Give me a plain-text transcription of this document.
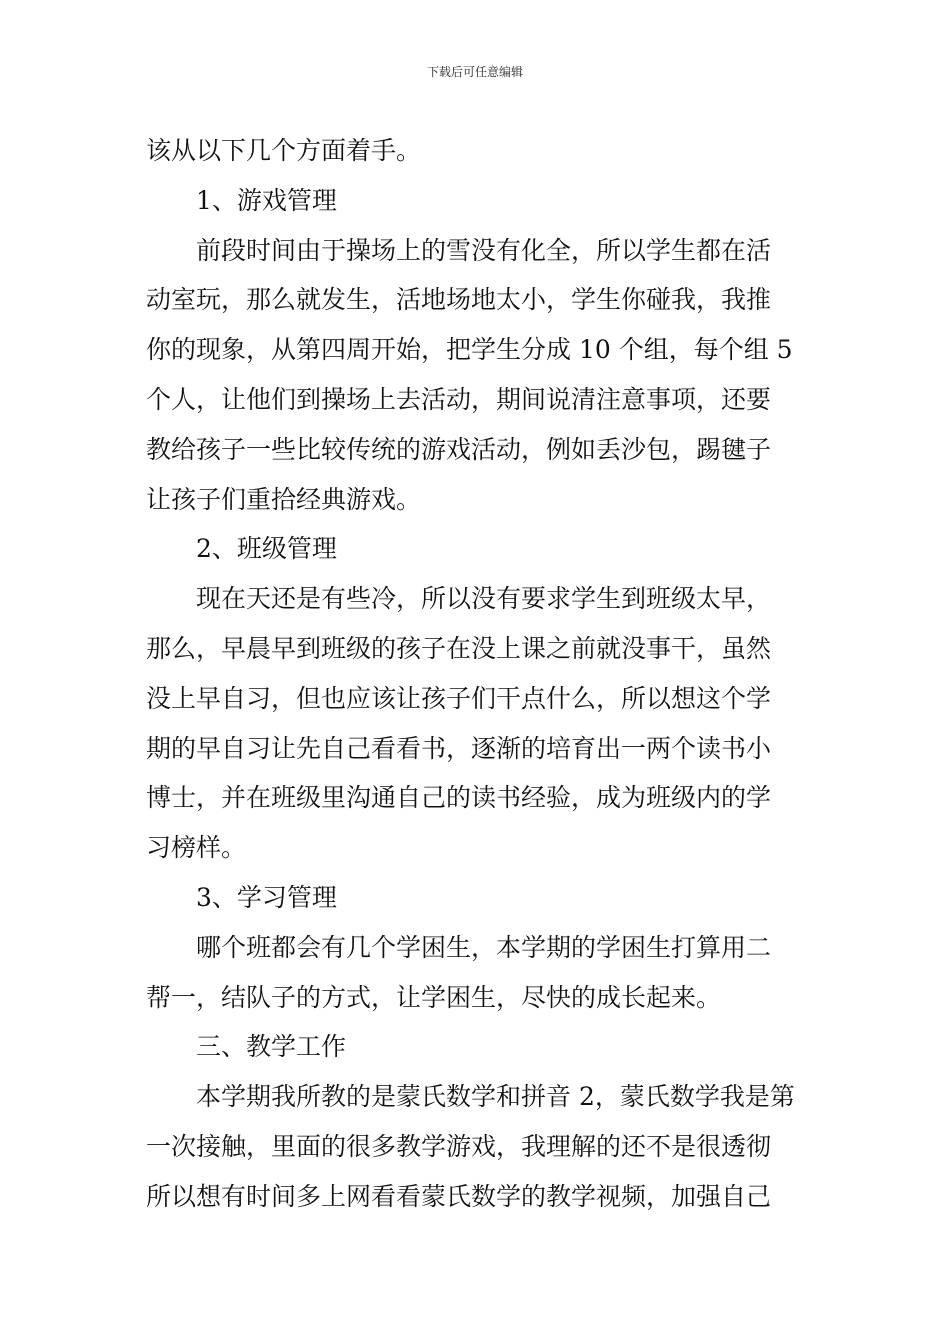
下载后可任意编辑
该从以下几个方面着手。
1、游戏管理
前段时间由于操场上的雪没有化全，所以学生都在活
动室玩，那么就发生，活地场地太小，学生你碰我，我推
你的现象，从第四周开始，把学生分成 10 个组，每个组 5
个人，让他们到操场上去活动，期间说清注意事项，还要
教给孩子一些比较传统的游戏活动，例如丢沙包，踢毽子
让孩子们重拾经典游戏。
2、班级管理
现在天还是有些冷，所以没有要求学生到班级太早，
那么，早晨早到班级的孩子在没上课之前就没事干，虽然
没上早自习，但也应该让孩子们干点什么，所以想这个学
期的早自习让先自己看看书，逐渐的培育出一两个读书小
博士，并在班级里沟通自己的读书经验，成为班级内的学
习榜样。
3、学习管理
哪个班都会有几个学困生，本学期的学困生打算用二
帮一，结队子的方式，让学困生，尽快的成长起来。
三、教学工作
本学期我所教的是蒙氏数学和拼音 2，蒙氏数学我是第
一次接触，里面的很多教学游戏，我理解的还不是很透彻
所以想有时间多上网看看蒙氏数学的教学视频，加强自己
